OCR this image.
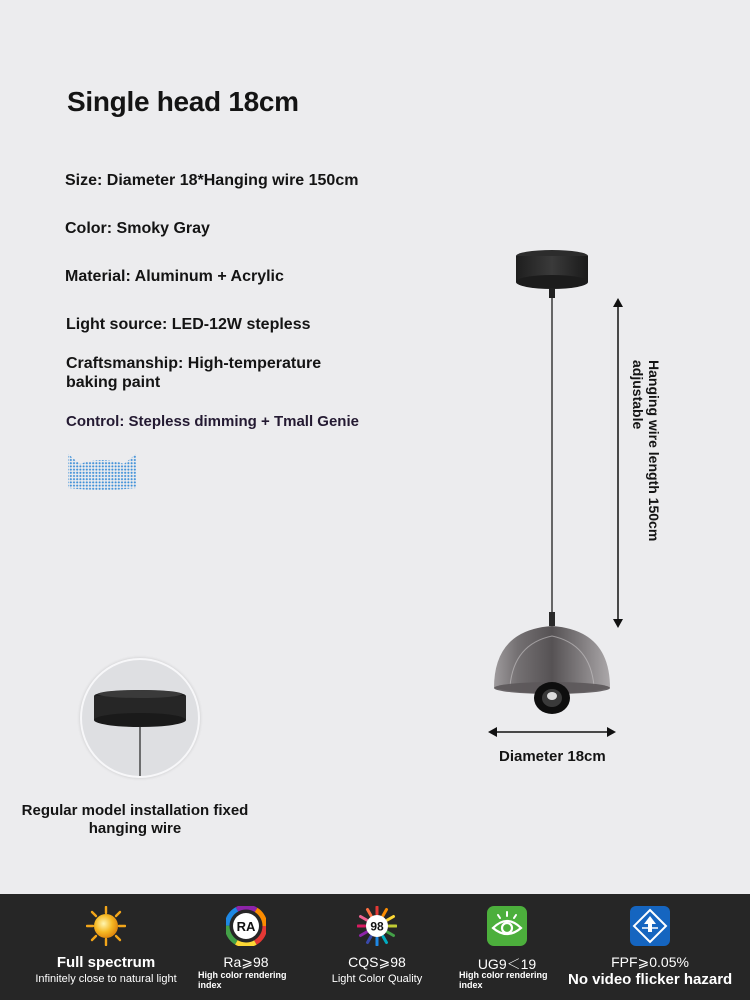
Single head 18cm
Size: Diameter 18*Hanging wire 150cm
Color: Smoky Gray
Material: Aluminum + Acrylic
Light source: LED-12W stepless
Craftsmanship: High-temperature baking paint
Control: Stepless dimming + Tmall Genie
Regular model installation fixed hanging wire
Hanging wire length 150cm adjustable
Diameter 18cm
Full spectrum
Infinitely close to natural light
RA
Ra⩾98
High color rendering index
98
CQS⩾98
Light Color Quality
UG9＜19
High color rendering index
FPF⩾0.05%
No video flicker hazard
